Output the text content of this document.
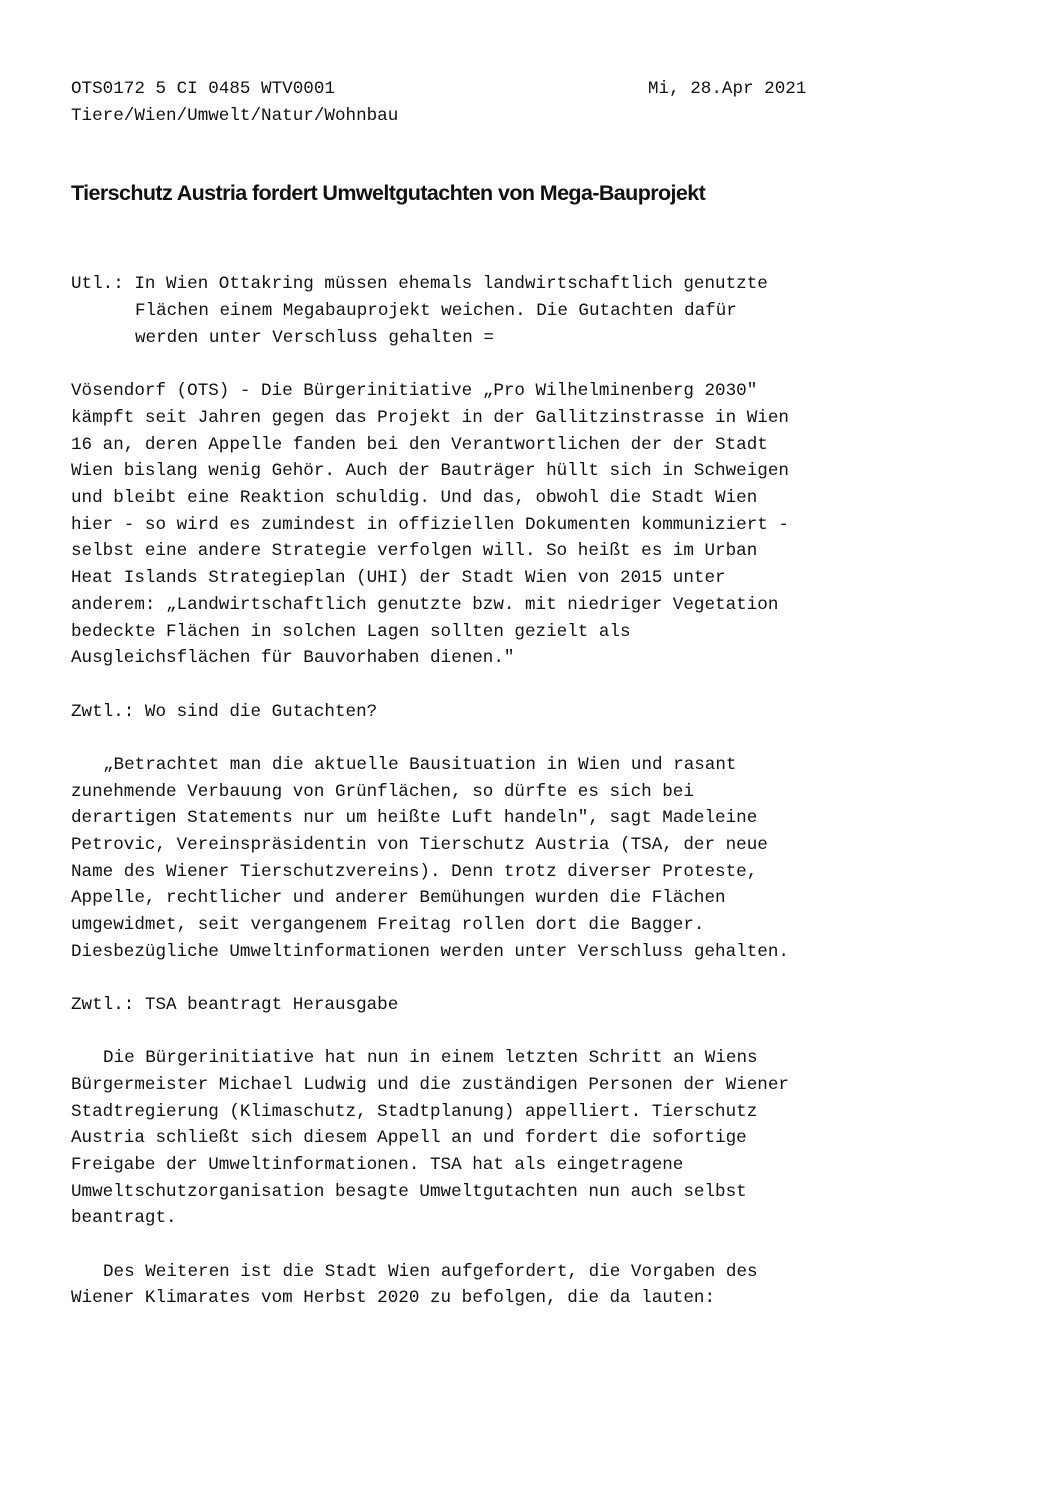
OTS0172 5 CI 0485 WTV0001	Mi, 28.Apr 2021
Tiere/Wien/Umwelt/Natur/Wohnbau
Tierschutz Austria fordert Umweltgutachten von Mega-Bauprojekt
Utl.: In Wien Ottakring müssen ehemals landwirtschaftlich genutzte
Flächen einem Megabauprojekt weichen. Die Gutachten dafür
werden unter Verschluss gehalten =
Vösendorf (OTS) - Die Bürgerinitiative „Pro Wilhelminenberg 2030"
kämpft seit Jahren gegen das Projekt in der Gallitzinstrasse in Wien
16 an, deren Appelle fanden bei den Verantwortlichen der der Stadt
Wien bislang wenig Gehör. Auch der Bauträger hüllt sich in Schweigen
und bleibt eine Reaktion schuldig. Und das, obwohl die Stadt Wien
hier - so wird es zumindest in offiziellen Dokumenten kommuniziert -
selbst eine andere Strategie verfolgen will. So heißt es im Urban
Heat Islands Strategieplan (UHI) der Stadt Wien von 2015 unter
anderem: „Landwirtschaftlich genutzte bzw. mit niedriger Vegetation
bedeckte Flächen in solchen Lagen sollten gezielt als
Ausgleichsflächen für Bauvorhaben dienen."
Zwtl.: Wo sind die Gutachten?
„Betrachtet man die aktuelle Bausituation in Wien und rasant
zunehmende Verbauung von Grünflächen, so dürfte es sich bei
derartigen Statements nur um heißte Luft handeln", sagt Madeleine
Petrovic, Vereinspräsidentin von Tierschutz Austria (TSA, der neue
Name des Wiener Tierschutzvereins). Denn trotz diverser Proteste,
Appelle, rechtlicher und anderer Bemühungen wurden die Flächen
umgewidmet, seit vergangenem Freitag rollen dort die Bagger.
Diesbezügliche Umweltinformationen werden unter Verschluss gehalten.
Zwtl.: TSA beantragt Herausgabe
Die Bürgerinitiative hat nun in einem letzten Schritt an Wiens
Bürgermeister Michael Ludwig und die zuständigen Personen der Wiener
Stadtregierung (Klimaschutz, Stadtplanung) appelliert. Tierschutz
Austria schließt sich diesem Appell an und fordert die sofortige
Freigabe der Umweltinformationen. TSA hat als eingetragene
Umweltschutzorganisation besagte Umweltgutachten nun auch selbst
beantragt.
Des Weiteren ist die Stadt Wien aufgefordert, die Vorgaben des
Wiener Klimarates vom Herbst 2020 zu befolgen, die da lauten:
